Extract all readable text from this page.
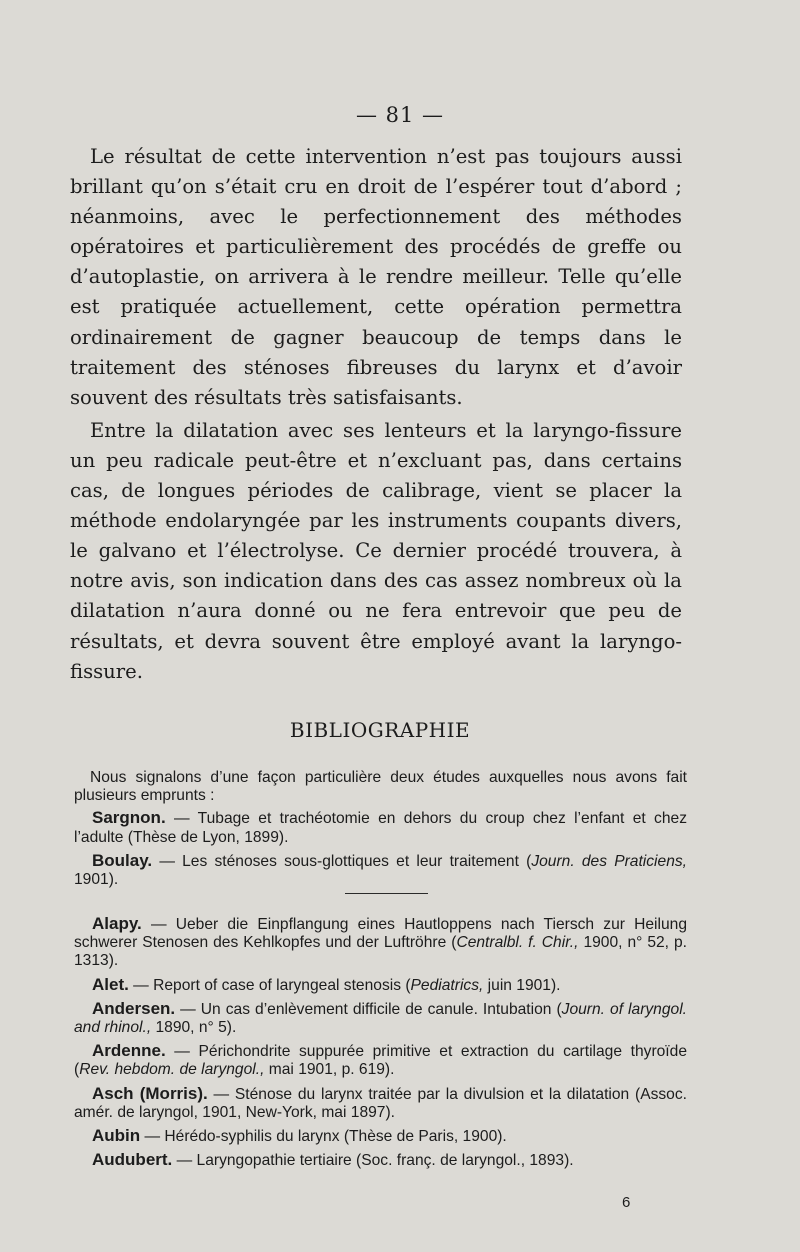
— 81 —

Le résultat de cette intervention n’est pas toujours aussi brillant qu’on s’était cru en droit de l’espérer tout d’abord ; néanmoins, avec le perfectionnement des méthodes opératoires et particulièrement des procédés de greffe ou d’autoplastie, on arrivera à le rendre meilleur. Telle qu’elle est pratiquée actuellement, cette opération permettra ordinairement de gagner beaucoup de temps dans le traitement des sténoses fibreuses du larynx et d’avoir souvent des résultats très satisfaisants.

Entre la dilatation avec ses lenteurs et la laryngo-fissure un peu radicale peut-être et n’excluant pas, dans certains cas, de longues périodes de calibrage, vient se placer la méthode endolaryngée par les instruments coupants divers, le galvano et l’électrolyse. Ce dernier procédé trouvera, à notre avis, son indication dans des cas assez nombreux où la dilatation n’aura donné ou ne fera entrevoir que peu de résultats, et devra souvent être employé avant la laryngo-fissure.

BIBLIOGRAPHIE

Nous signalons d’une façon particulière deux études auxquelles nous avons fait plusieurs emprunts :

Sargnon. — Tubage et trachéotomie en dehors du croup chez l’enfant et chez l’adulte (Thèse de Lyon, 1899).

Boulay. — Les sténoses sous-glottiques et leur traitement (Journ. des Praticiens, 1901).

Alapy. — Ueber die Einpflangung eines Hautloppens nach Tiersch zur Heilung schwerer Stenosen des Kehlkopfes und der Luftröhre (Centralbl. f. Chir., 1900, n° 52, p. 1313).

Alet. — Report of case of laryngeal stenosis (Pediatrics, juin 1901).

Andersen. — Un cas d’enlèvement difficile de canule. Intubation (Journ. of laryngol. and rhinol., 1890, n° 5).

Ardenne. — Périchondrite suppurée primitive et extraction du cartilage thyroïde (Rev. hebdom. de laryngol., mai 1901, p. 619).

Asch (Morris). — Sténose du larynx traitée par la divulsion et la dilatation (Assoc. amér. de laryngol, 1901, New-York, mai 1897).

Aubin — Hérédo-syphilis du larynx (Thèse de Paris, 1900).

Audubert. — Laryngopathie tertiaire (Soc. franç. de laryngol., 1893).

6
